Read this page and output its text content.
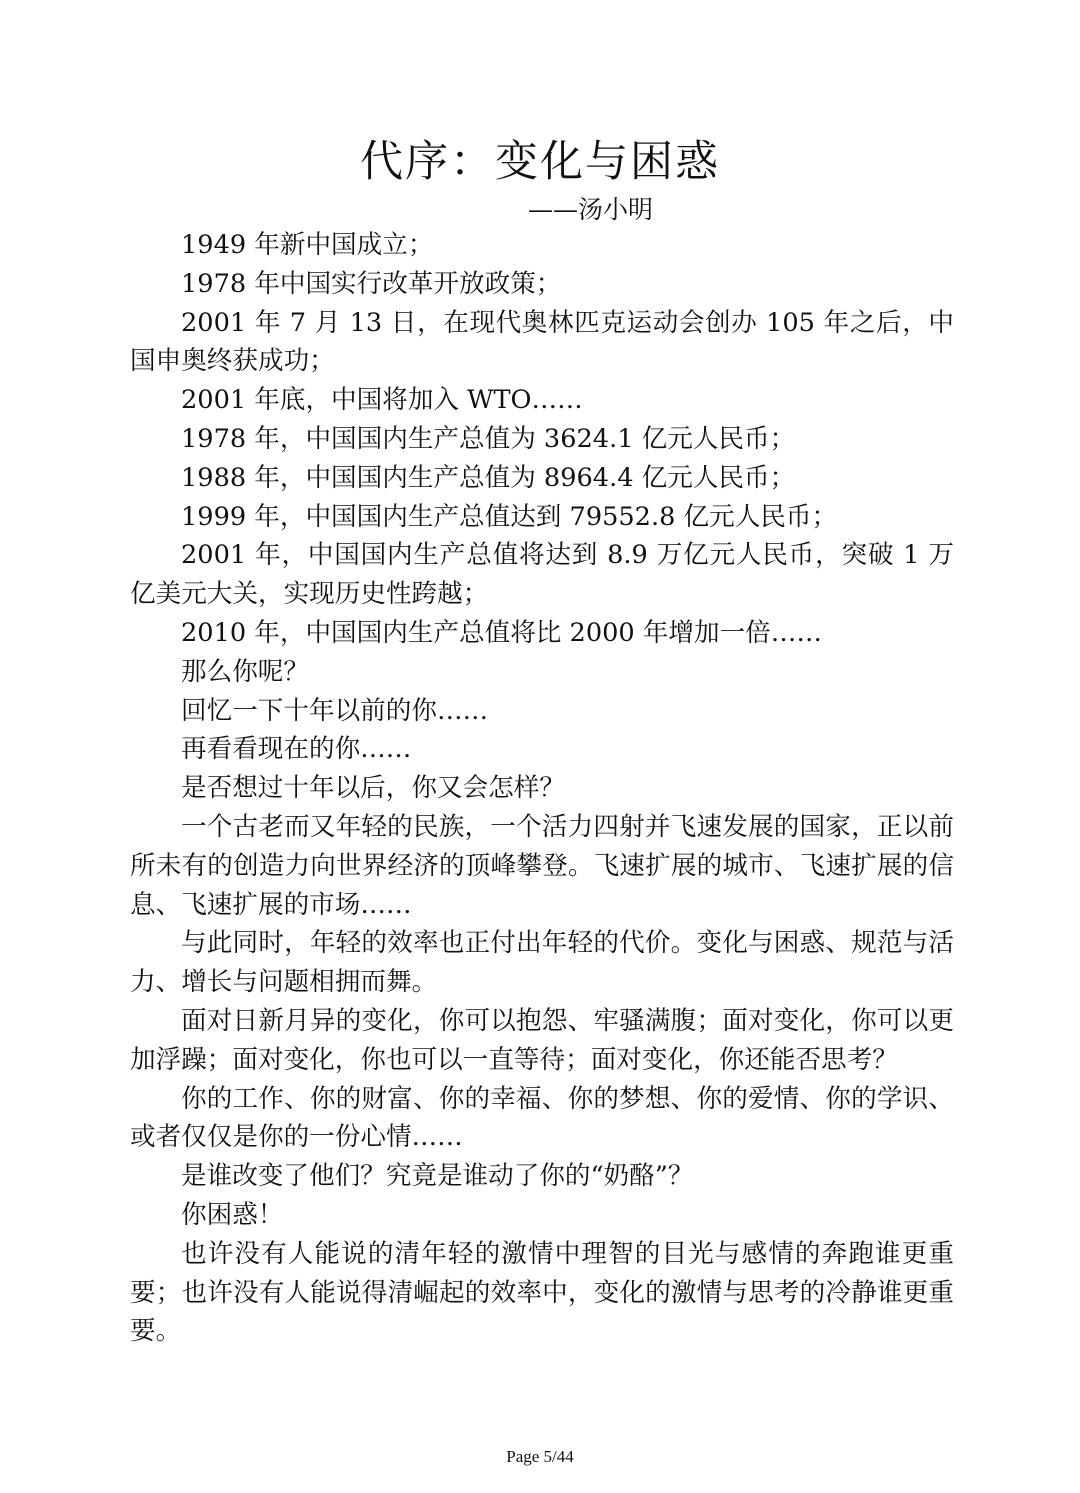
代序：变化与困惑
——汤小明

1949 年新中国成立；

1978 年中国实行改革开放政策；

2001 年 7 月 13 日，在现代奥林匹克运动会创办 105 年之后，中国申奥终获成功；

2001 年底，中国将加入 WTO……

1978 年，中国国内生产总值为 3624.1 亿元人民币；

1988 年，中国国内生产总值为 8964.4 亿元人民币；

1999 年，中国国内生产总值达到 79552.8 亿元人民币；

2001 年，中国国内生产总值将达到 8.9 万亿元人民币，突破 1 万亿美元大关，实现历史性跨越；

2010 年，中国国内生产总值将比 2000 年增加一倍……

那么你呢？

回忆一下十年以前的你……

再看看现在的你……

是否想过十年以后，你又会怎样？

一个古老而又年轻的民族，一个活力四射并飞速发展的国家，正以前所未有的创造力向世界经济的顶峰攀登。飞速扩展的城市、飞速扩展的信息、飞速扩展的市场……

与此同时，年轻的效率也正付出年轻的代价。变化与困惑、规范与活力、增长与问题相拥而舞。

面对日新月异的变化，你可以抱怨、牢骚满腹；面对变化，你可以更加浮躁；面对变化，你也可以一直等待；面对变化，你还能否思考？

你的工作、你的财富、你的幸福、你的梦想、你的爱情、你的学识、或者仅仅是你的一份心情……

是谁改变了他们？究竟是谁动了你的“奶酪”？

你困惑！

也许没有人能说的清年轻的激情中理智的目光与感情的奔跑谁更重要；也许没有人能说得清崛起的效率中，变化的激情与思考的冷静谁更重要。

Page 5/44
